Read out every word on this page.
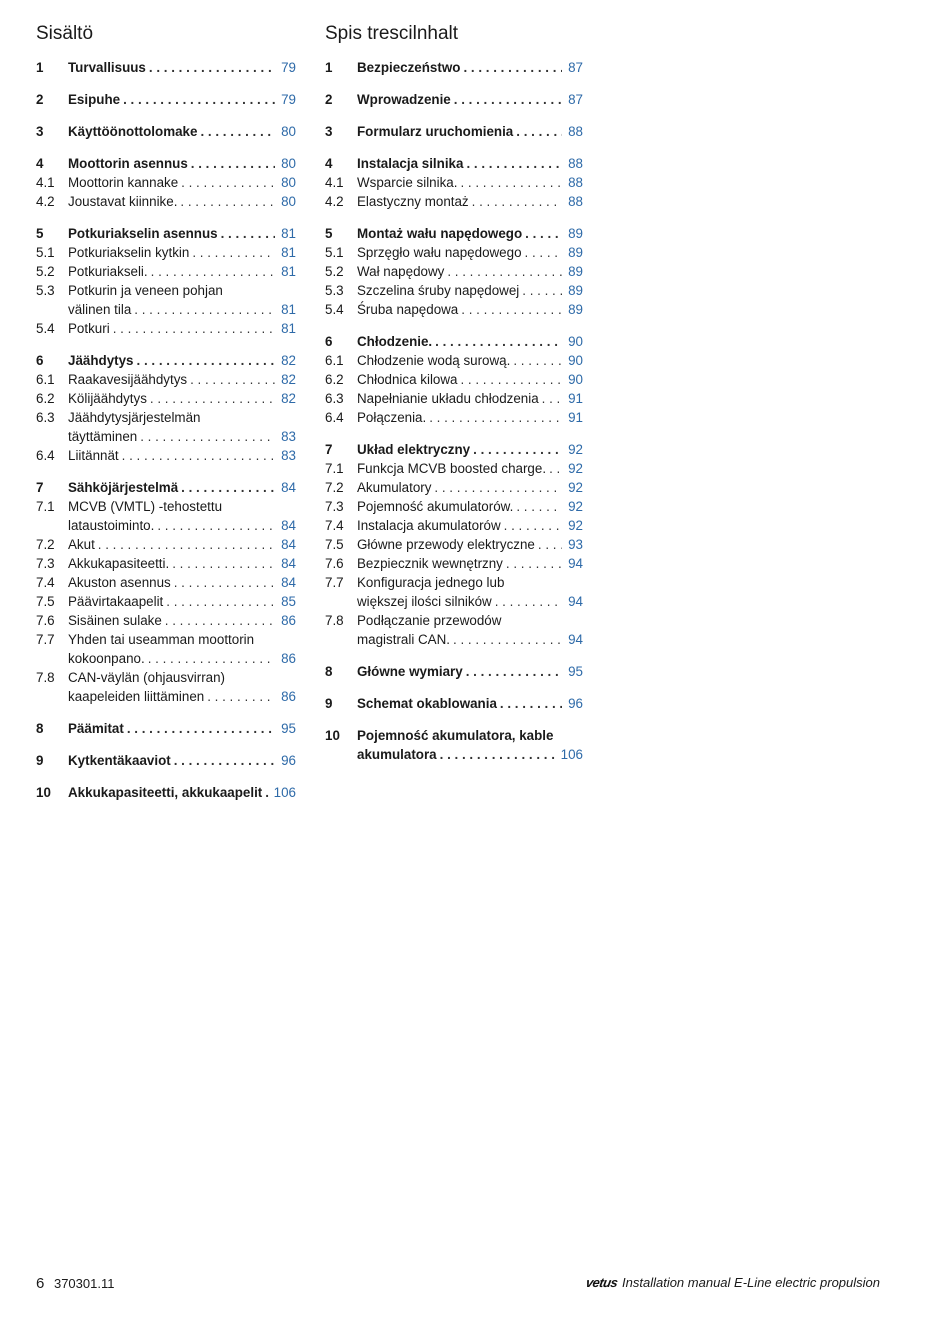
Sisältö
1	Turvallisuus . . .	79
2	Esipuhe . . .	79
3	Käyttöönottolomake . . .	80
4	Moottorin asennus . . .	80
4.1 Moottorin kannake . . .	80
4.2 Joustavat kiinnike. . . .	80
5	Potkuriakselin asennus . . .	81
5.1 Potkuriakselin kytkin . . .	81
5.2 Potkuriakseli. . . .	81
5.3 Potkurin ja veneen pohjan
välinen tila . . .	81
5.4 Potkuri . . .	81
6	Jäähdytys . . .	82
6.1 Raakavesijäähdytys . . .	82
6.2 Kölijäähdytys . . .	82
6.3 Jäähdytysjärjestelmän
täyttäminen . . .	83
6.4 Liitännät . . .	83
7	Sähköjärjestelmä . . .	84
7.1 MCVB (VMTL) -tehostettu
lataustoiminto. . . .	84
7.2 Akut . . .	84
7.3 Akkukapasiteetti. . . .	84
7.4 Akuston asennus . . .	84
7.5 Päävirtakaapelit . . .	85
7.6 Sisäinen sulake . . .	86
7.7 Yhden tai useamman moottorin
kokoonpano. . . .	86
7.8 CAN-väylän (ohjausvirran)
kaapeleiden liittäminen . . .	86
8	Päämitat . . .	95
9	Kytkentäkaaviot . . .	96
10	Akkukapasiteetti, akkukaapelit . . . 106
Spis trescilnhalt
1	Bezpieczeństwo . . .	87
2	Wprowadzenie . . .	87
3	Formularz uruchomienia . . .	88
4	Instalacja silnika . . .	88
4.1 Wsparcie silnika. . . .	88
4.2 Elastyczny montaż . . .	88
5	Montaż wału napędowego . . .	89
5.1 Sprzęgło wału napędowego . . .	89
5.2 Wał napędowy . . .	89
5.3 Szczelina śruby napędowej . . .	89
5.4 Śruba napędowa . . .	89
6	Chłodzenie. . . .	90
6.1 Chłodzenie wodą surową. . . .	90
6.2 Chłodnica kilowa . . .	90
6.3 Napełnianie układu chłodzenia . . . 91
6.4 Połączenia. . . .	91
7	Układ elektryczny . . .	92
7.1 Funkcja MCVB boosted charge. . . . 92
7.2 Akumulatory . . .	92
7.3 Pojemność akumulatorów. . . .	92
7.4 Instalacja akumulatorów . . .	92
7.5 Główne przewody elektryczne . . . 93
7.6 Bezpiecznik wewnętrzny . . .	94
7.7 Konfiguracja jednego lub
większej ilości silników . . .	94
7.8 Podłączanie przewodów
magistrali CAN. . . .	94
8	Główne wymiary . . .	95
9	Schemat okablowania . . .	96
10	Pojemność akumulatora, kable
akumulatora . . .	106
6 370301.11	vetus Installation manual E-Line electric propulsion
